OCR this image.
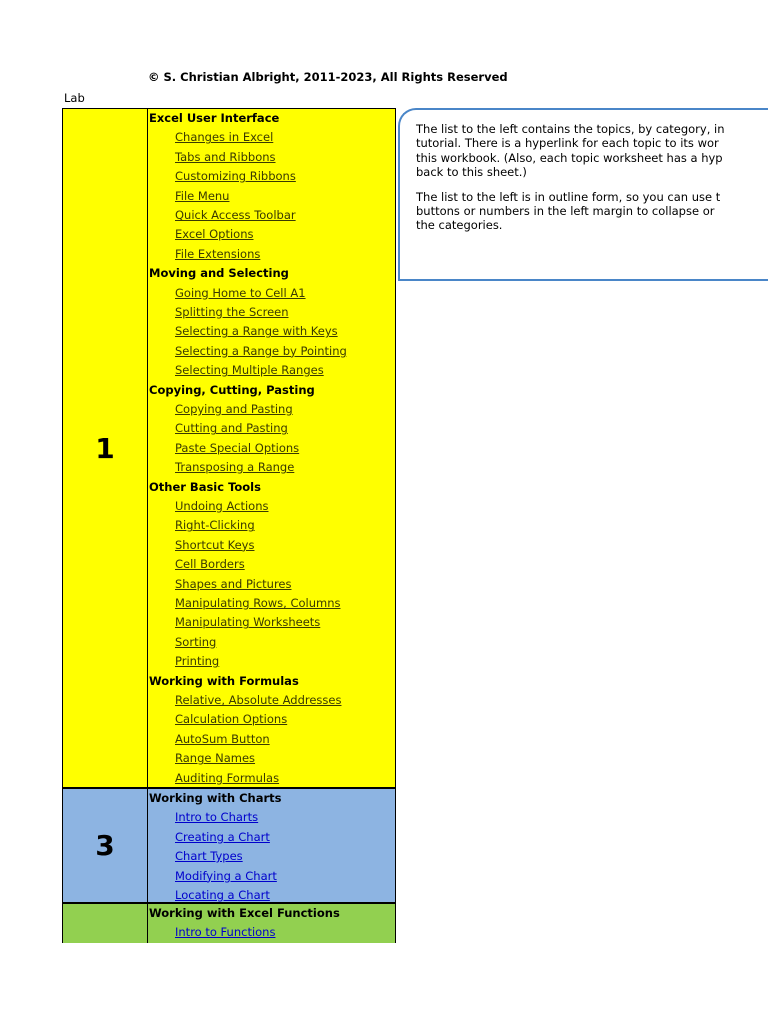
© S. Christian Albright, 2011-2023, All Rights Reserved
Lab
1
Excel User Interface
Changes in Excel
Tabs and Ribbons
Customizing Ribbons
File Menu
Quick Access Toolbar
Excel Options
File Extensions
Moving and Selecting
Going Home to Cell A1
Splitting the Screen
Selecting a Range with Keys
Selecting a Range by Pointing
Selecting Multiple Ranges
Copying, Cutting, Pasting
Copying and Pasting
Cutting and Pasting
Paste Special Options
Transposing a Range
Other Basic Tools
Undoing Actions
Right-Clicking
Shortcut Keys
Cell Borders
Shapes and Pictures
Manipulating Rows, Columns
Manipulating Worksheets
Sorting
Printing
Working with Formulas
Relative, Absolute Addresses
Calculation Options
AutoSum Button
Range Names
Auditing Formulas
3
Working with Charts
Intro to Charts
Creating a Chart
Chart Types
Modifying a Chart
Locating a Chart
Working with Excel Functions
Intro to Functions

The list to the left contains the topics, by category, in
tutorial. There is a hyperlink for each topic to its wor
this workbook. (Also, each topic worksheet has a hyp
back to this sheet.)

The list to the left is in outline form, so you can use t
buttons or numbers in the left margin to collapse or
the categories.
